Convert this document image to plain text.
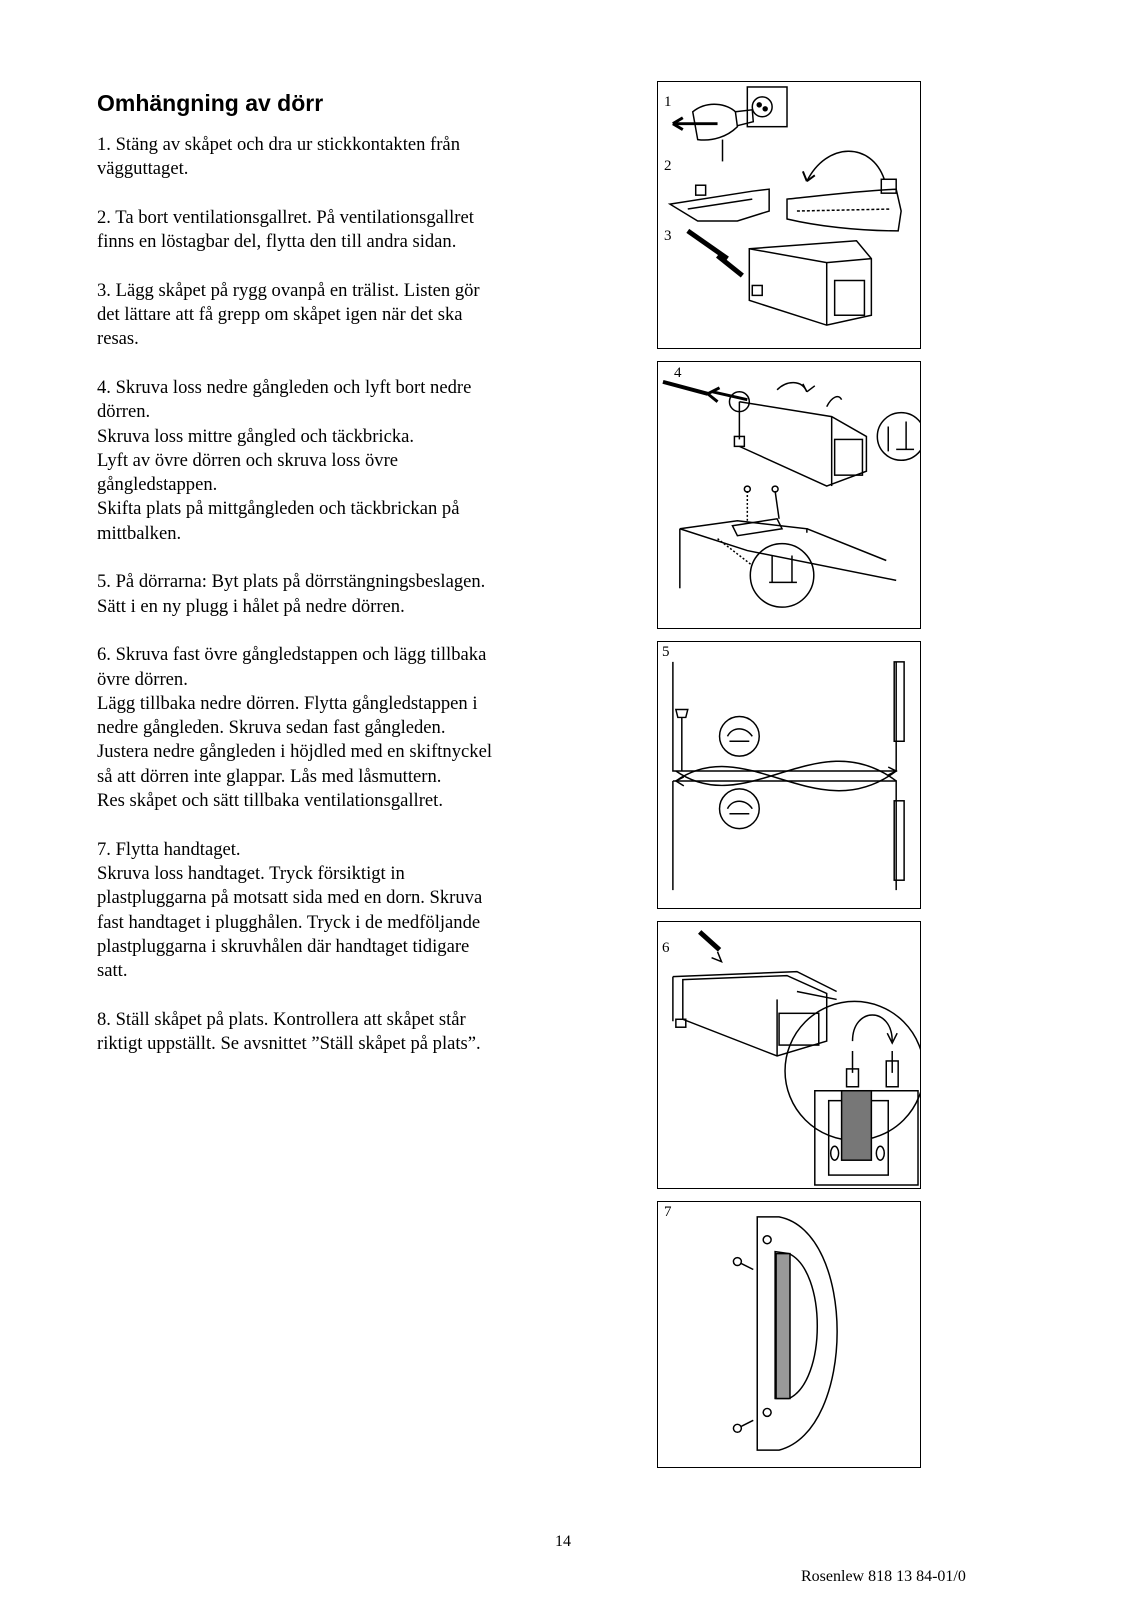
Omhängning av dörr

1. Stäng av skåpet och dra ur stickkontakten från
vägguttaget.

2. Ta bort ventilationsgallret. På ventilationsgallret
finns en löstagbar del, flytta den till andra sidan.

3. Lägg skåpet på rygg ovanpå en trälist. Listen gör
det lättare att få grepp om skåpet igen när det ska
resas.

4. Skruva loss nedre gångleden och lyft bort nedre
dörren.
Skruva loss mittre gångled och täckbricka.
Lyft av övre dörren och skruva loss övre
gångledstappen.
Skifta plats på mittgångleden och täckbrickan på
mittbalken.

5. På dörrarna: Byt plats på dörrstängningsbeslagen.
Sätt i en ny plugg i hålet på nedre dörren.

6. Skruva fast övre gångledstappen och lägg tillbaka
övre dörren.
Lägg tillbaka nedre dörren. Flytta gångledstappen i
nedre gångleden. Skruva sedan fast gångleden.
Justera nedre gångleden i höjdled med en skiftnyckel
så att dörren inte glappar. Lås med låsmuttern.
Res skåpet och sätt tillbaka ventilationsgallret.

7. Flytta handtaget.
Skruva loss handtaget. Tryck försiktigt in
plastpluggarna på motsatt sida med en dorn. Skruva
fast handtaget i plugghålen. Tryck i de medföljande
plastpluggarna i skruvhålen där handtaget tidigare
satt.

8. Ställ skåpet på plats. Kontrollera att skåpet står
riktigt uppställt. Se avsnittet ”Ställ skåpet på plats”.

1
2
3
4
5
6
7
14
Rosenlew 818 13 84-01/0
